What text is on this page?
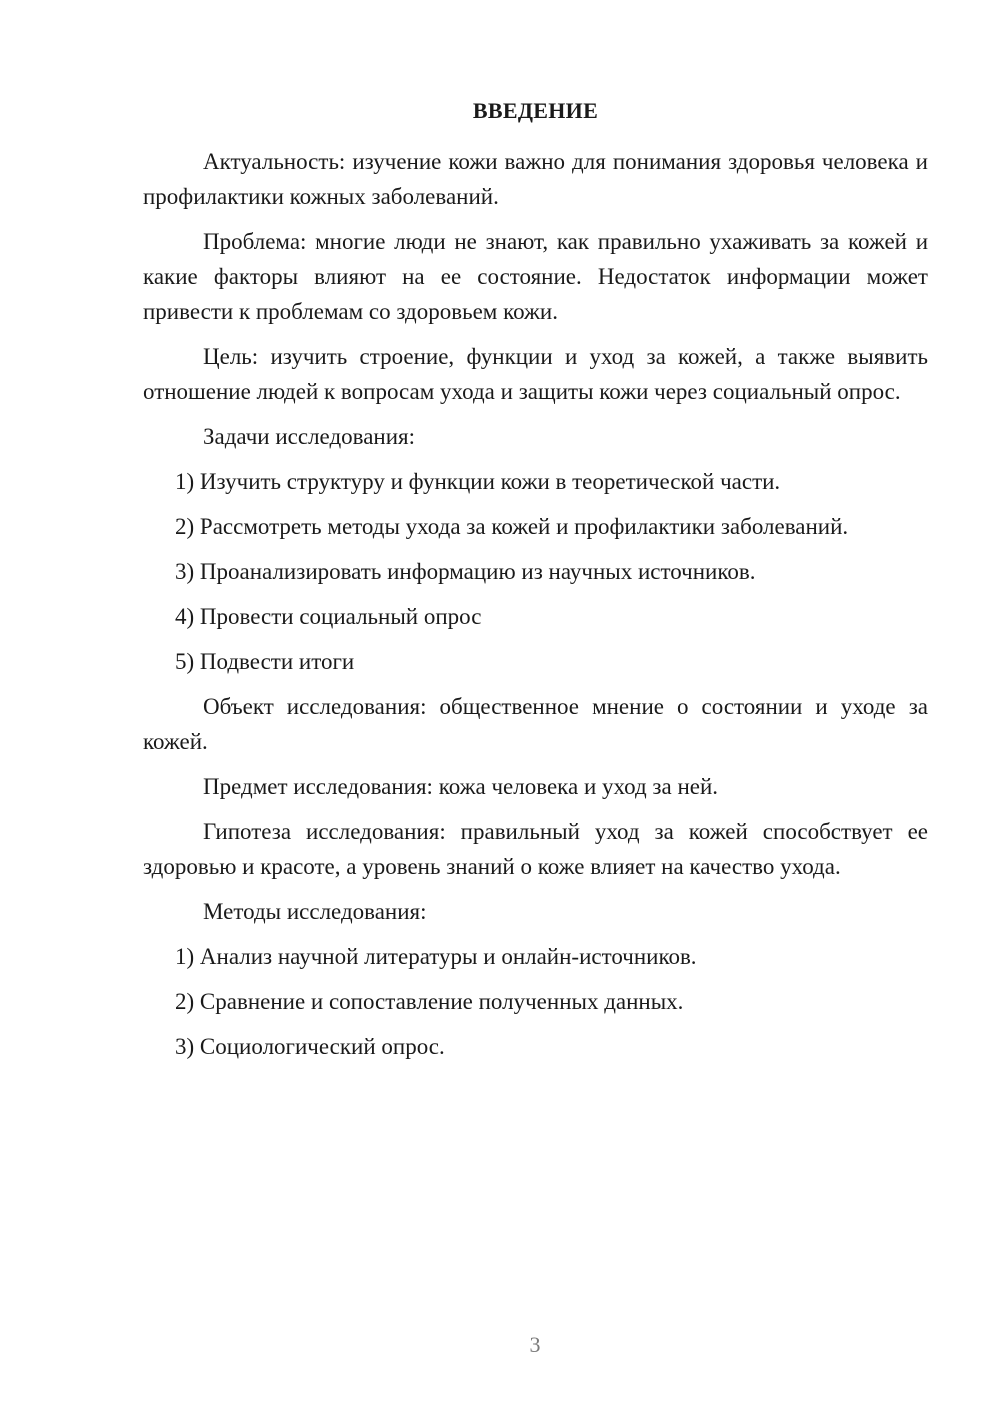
ВВЕДЕНИЕ

Актуальность: изучение кожи важно для понимания здоровья человека и профилактики кожных заболеваний.

Проблема: многие люди не знают, как правильно ухаживать за кожей и какие факторы влияют на ее состояние. Недостаток информации может привести к проблемам со здоровьем кожи.

Цель: изучить строение, функции и уход за кожей, а также выявить отношение людей к вопросам ухода и защиты кожи через социальный опрос.

Задачи исследования:

1) Изучить структуру и функции кожи в теоретической части.

2) Рассмотреть методы ухода за кожей и профилактики заболеваний.

3) Проанализировать информацию из научных источников.

4) Провести социальный опрос

5) Подвести итоги

Объект исследования: общественное мнение о состоянии и уходе за кожей.

Предмет исследования: кожа человека и уход за ней.

Гипотеза исследования: правильный уход за кожей способствует ее здоровью и красоте, а уровень знаний о коже влияет на качество ухода.

Методы исследования:

1) Анализ научной литературы и онлайн-источников.

2) Сравнение и сопоставление полученных данных.

3) Социологический опрос.

3
